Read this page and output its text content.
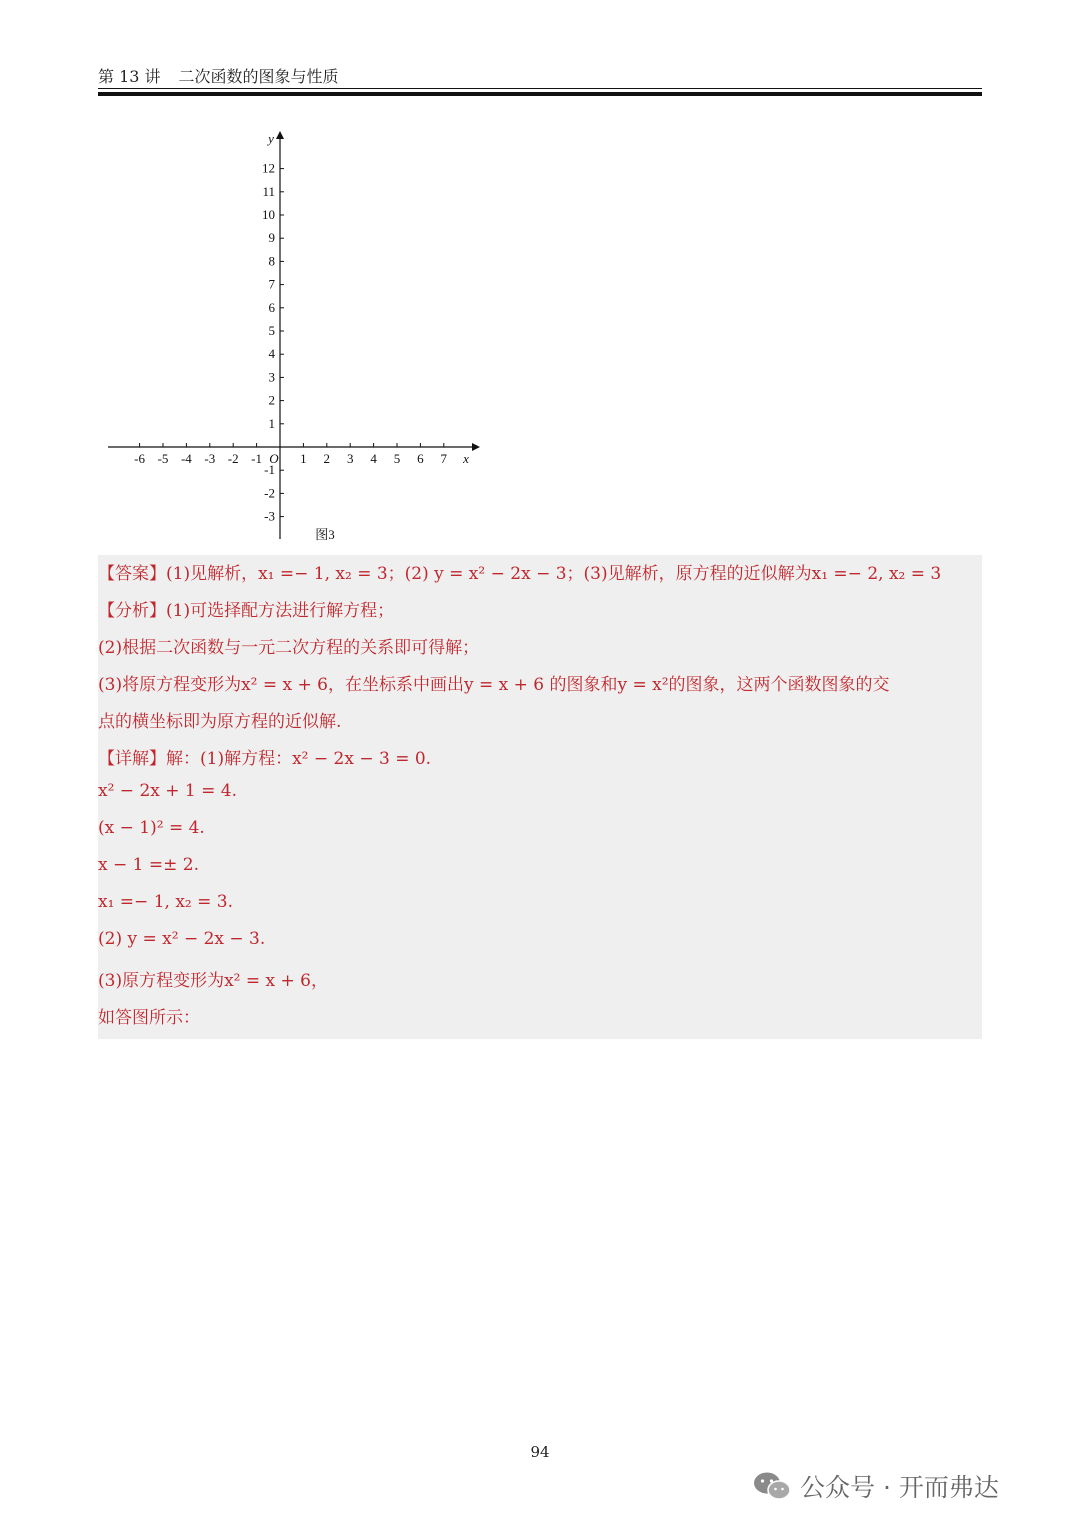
第 13 讲 二次函数的图象与性质
-6 -5 -4 -3 -2 -1	1 2 3 4 5 6 7
12
11
10
9
8
7
6
5
4
3
2
1
-1
-2
-3
O	x
y
图3
【答案】(1)见解析，x₁ =− 1, x₂ = 3；(2) y = x² − 2x − 3；(3)见解析，原方程的近似解为x₁ =− 2, x₂ = 3
【分析】(1)可选择配方法进行解方程；
(2)根据二次函数与一元二次方程的关系即可得解；
(3)将原方程变形为x² = x + 6，在坐标系中画出y = x + 6 的图象和y = x²的图象，这两个函数图象的交
点的横坐标即为原方程的近似解.
【详解】解：(1)解方程：x² − 2x − 3 = 0.
x² − 2x + 1 = 4.
(x − 1)² = 4.
x − 1 =± 2.
x₁ =− 1, x₂ = 3.
(2) y = x² − 2x − 3.
(3)原方程变形为x² = x + 6，
如答图所示：
94
公众号 · 开而弗达
